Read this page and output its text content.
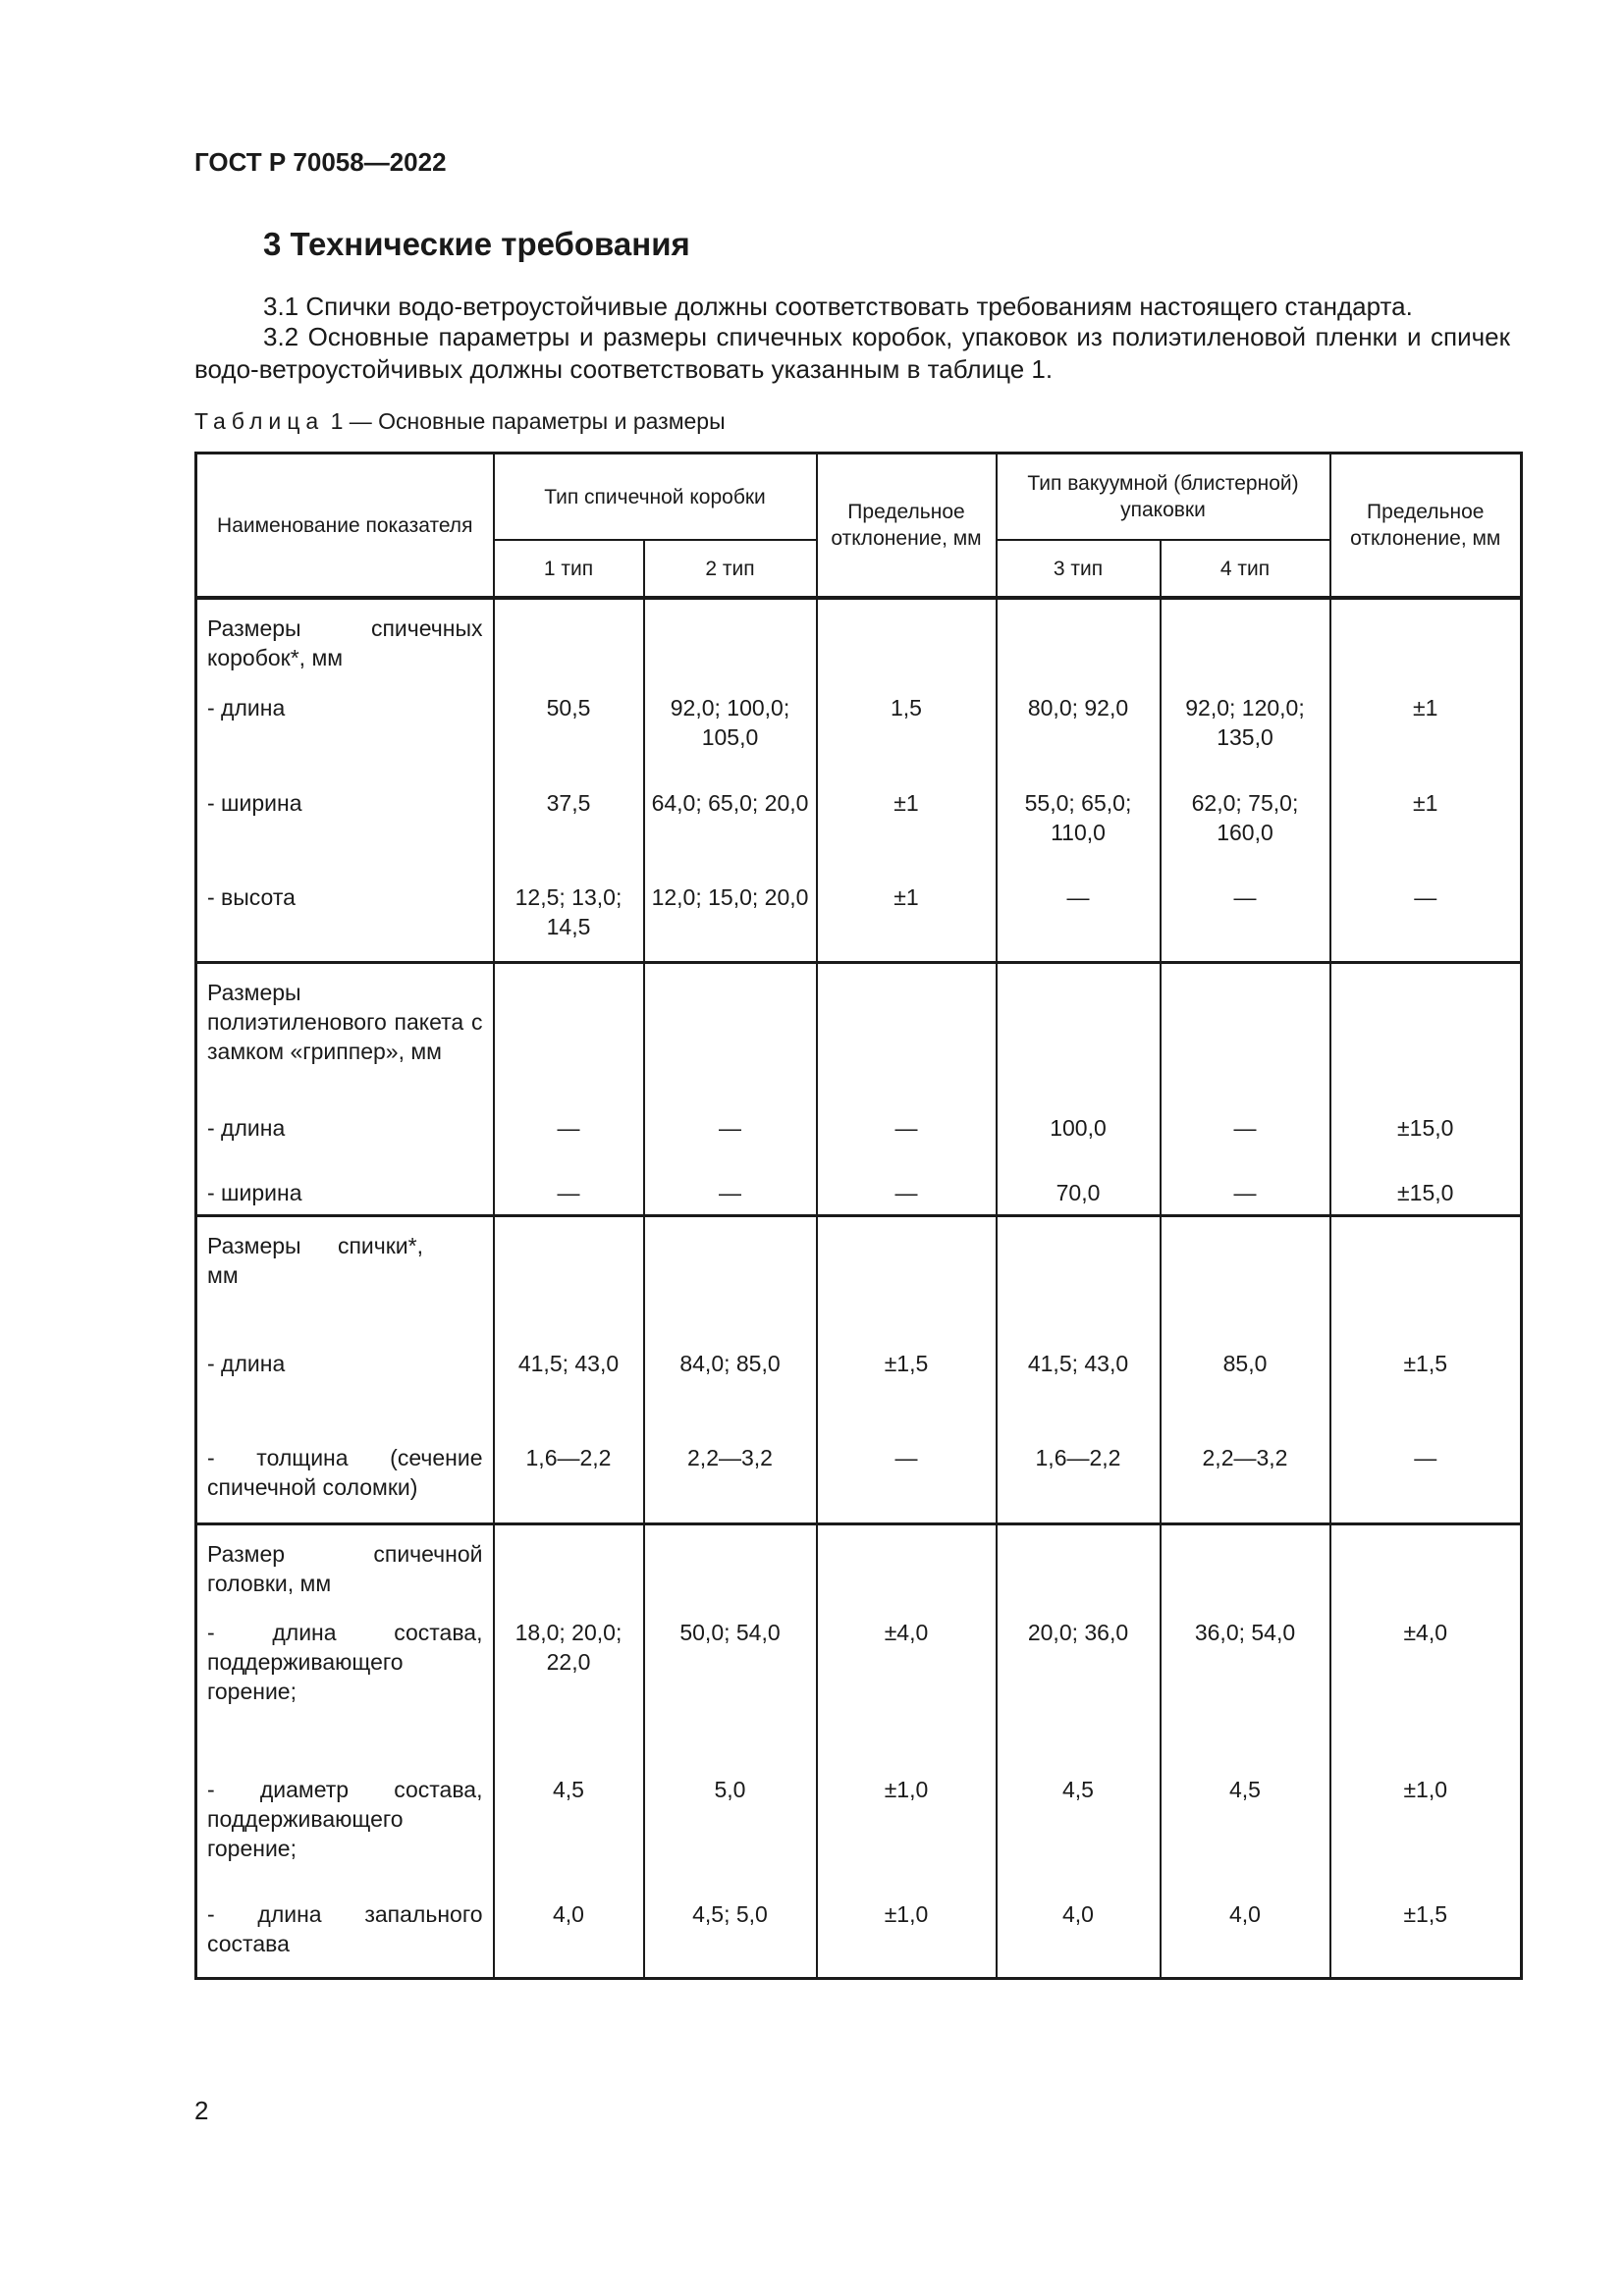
ГОСТ Р 70058—2022
3 Технические требования
3.1 Спички водо-ветроустойчивые должны соответствовать требованиям настоящего стандарта.
3.2 Основные параметры и размеры спичечных коробок, упаковок из полиэтиленовой пленки и спичек водо-ветроустойчивых должны соответствовать указанным в таблице 1.
Таблица 1 — Основные параметры и размеры
Наименование показателя	Тип спичечной коробки		Предельное отклонение, мм	Тип вакуумной (блистерной) упаковки		Предельное отклонение, мм
	1 тип	2 тип		3 тип	4 тип	

Размеры спичечных коробок*, мм						

- длина	50,5	92,0; 100,0; 105,0	1,5	80,0; 92,0	92,0; 120,0; 135,0	±1
- ширина	37,5	64,0; 65,0; 20,0	±1	55,0; 65,0; 110,0	62,0; 75,0; 160,0	±1
- высота	12,5; 13,0; 14,5	12,0; 15,0; 20,0	±1	—	—	—

Размеры полиэтиленового пакета с замком «гриппер», мм						

- длина	—	—	—	100,0	—	±15,0
- ширина	—	—	—	70,0	—	±15,0

Размеры спички*, мм						

- длина	41,5; 43,0	84,0; 85,0	±1,5	41,5; 43,0	85,0	±1,5

- толщина (сечение спичечной соломки)	1,6—2,2	2,2—3,2	—	1,6—2,2	2,2—3,2	—

Размер спичечной головки, мм						

- длина состава, поддерживающего горение;	18,0; 20,0; 22,0	50,0; 54,0	±4,0	20,0; 36,0	36,0; 54,0	±4,0

- диаметр состава, поддерживающего горение;	4,5	5,0	±1,0	4,5	4,5	±1,0

- длина запального состава	4,0	4,5; 5,0	±1,0	4,0	4,0	±1,5
2
